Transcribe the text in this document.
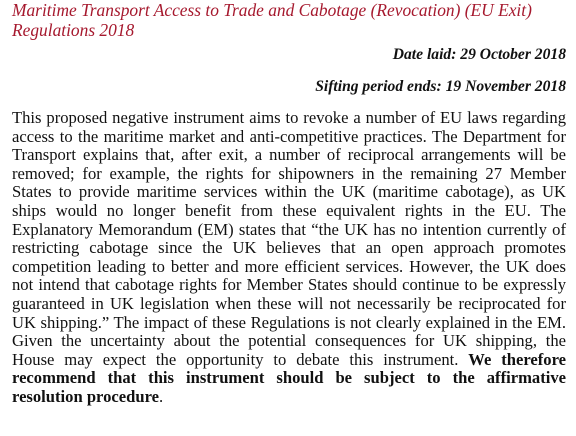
Maritime Transport Access to Trade and Cabotage (Revocation) (EU Exit)
Regulations 2018

Date laid: 29 October 2018

Sifting period ends: 19 November 2018

This proposed negative instrument aims to revoke a number of EU laws regarding access to the maritime market and anti-competitive practices. The Department for Transport explains that, after exit, a number of reciprocal arrangements will be removed; for example, the rights for shipowners in the remaining 27 Member States to provide maritime services within the UK (maritime cabotage), as UK ships would no longer benefit from these equivalent rights in the EU. The Explanatory Memorandum (EM) states that “the UK has no intention currently of restricting cabotage since the UK believes that an open approach promotes competition leading to better and more efficient services. However, the UK does not intend that cabotage rights for Member States should continue to be expressly guaranteed in UK legislation when these will not necessarily be reciprocated for UK shipping.” The impact of these Regulations is not clearly explained in the EM. Given the uncertainty about the potential consequences for UK shipping, the House may expect the opportunity to debate this instrument. We therefore recommend that this instrument should be subject to the affirmative resolution procedure.
